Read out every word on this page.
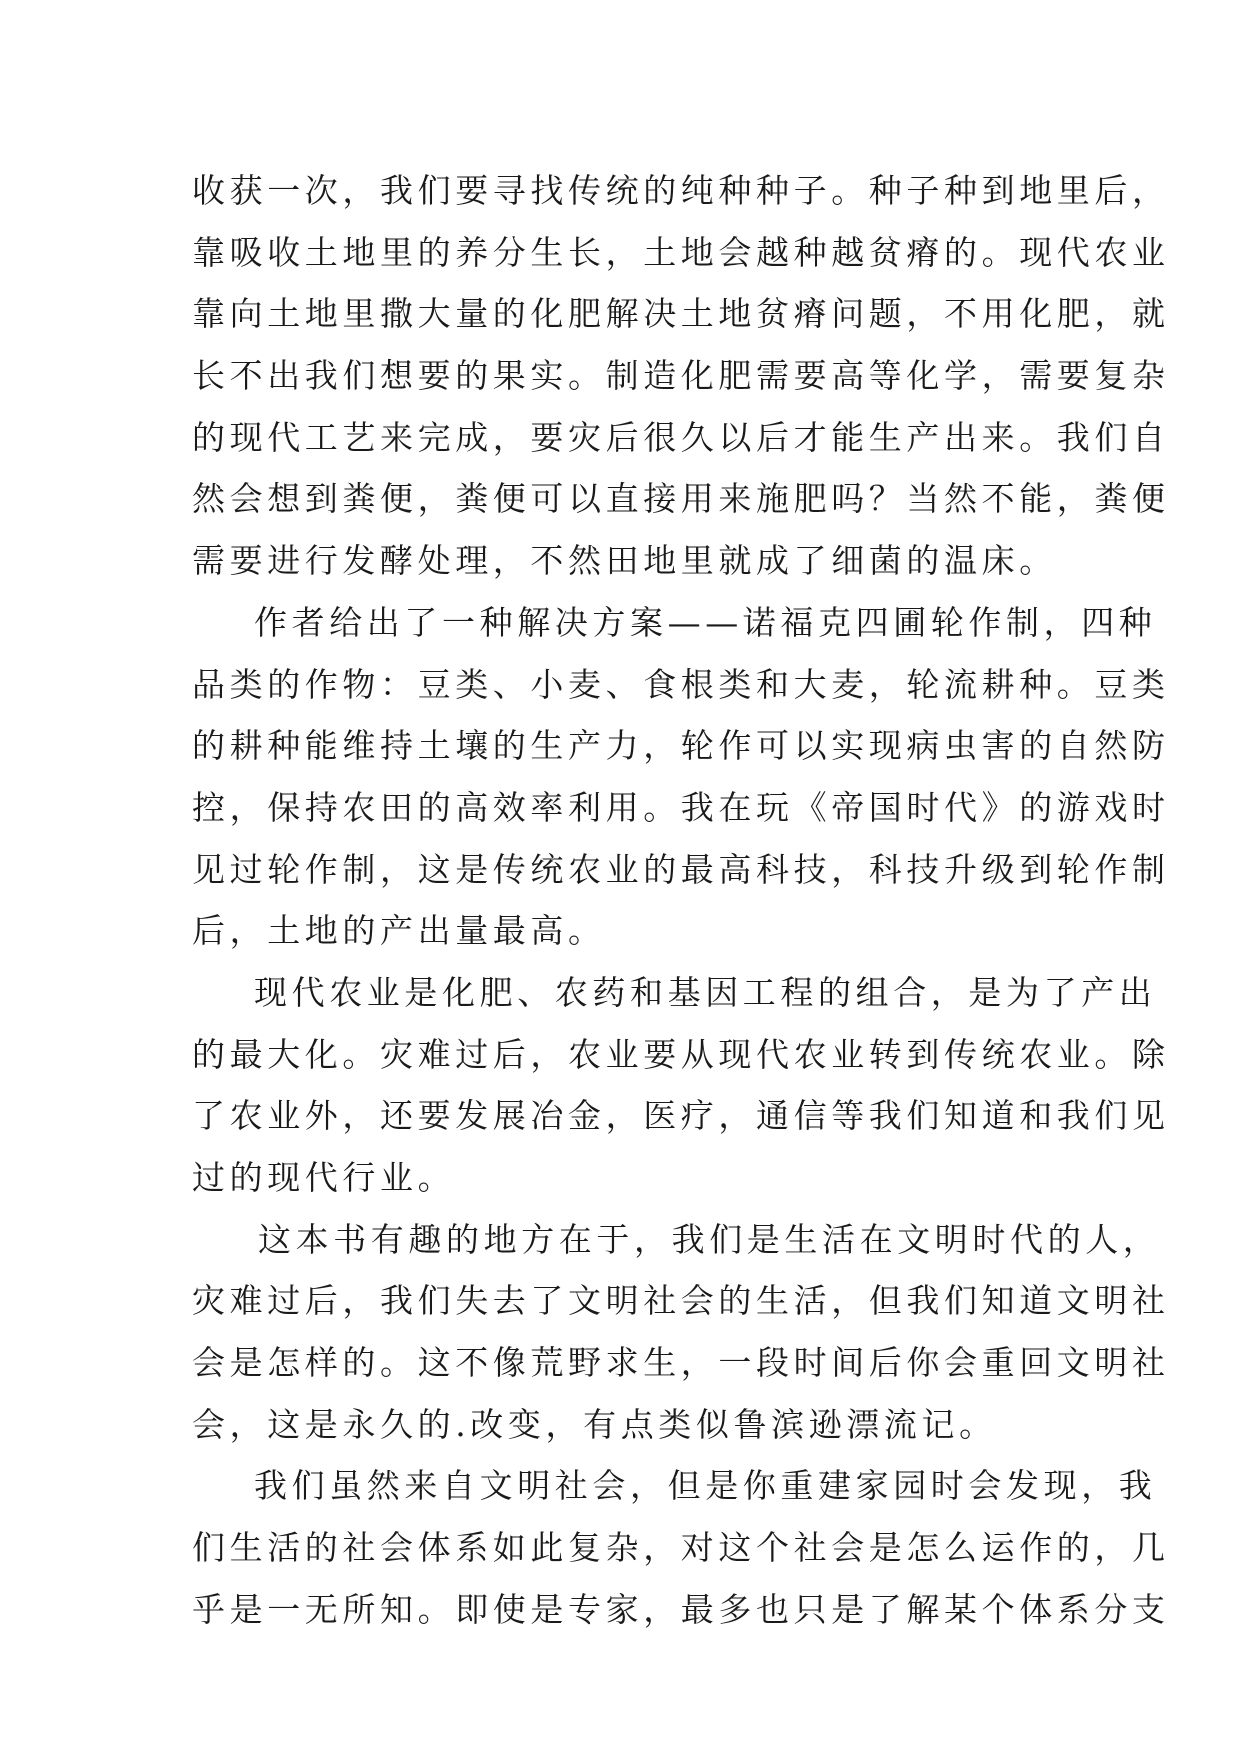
收获一次，我们要寻找传统的纯种种子。种子种到地里后，
靠吸收土地里的养分生长，土地会越种越贫瘠的。现代农业
靠向土地里撒大量的化肥解决土地贫瘠问题，不用化肥，就
长不出我们想要的果实。制造化肥需要高等化学，需要复杂
的现代工艺来完成，要灾后很久以后才能生产出来。我们自
然会想到粪便，粪便可以直接用来施肥吗？当然不能，粪便
需要进行发酵处理，不然田地里就成了细菌的温床。
作者给出了一种解决方案——诺福克四圃轮作制，四种
品类的作物：豆类、小麦、食根类和大麦，轮流耕种。豆类
的耕种能维持土壤的生产力，轮作可以实现病虫害的自然防
控，保持农田的高效率利用。我在玩《帝国时代》的游戏时
见过轮作制，这是传统农业的最高科技，科技升级到轮作制
后，土地的产出量最高。
现代农业是化肥、农药和基因工程的组合，是为了产出
的最大化。灾难过后，农业要从现代农业转到传统农业。除
了农业外，还要发展冶金，医疗，通信等我们知道和我们见
过的现代行业。
这本书有趣的地方在于，我们是生活在文明时代的人，
灾难过后，我们失去了文明社会的生活，但我们知道文明社
会是怎样的。这不像荒野求生，一段时间后你会重回文明社
会，这是永久的.改变，有点类似鲁滨逊漂流记。
我们虽然来自文明社会，但是你重建家园时会发现，我
们生活的社会体系如此复杂，对这个社会是怎么运作的，几
乎是一无所知。即使是专家，最多也只是了解某个体系分支
